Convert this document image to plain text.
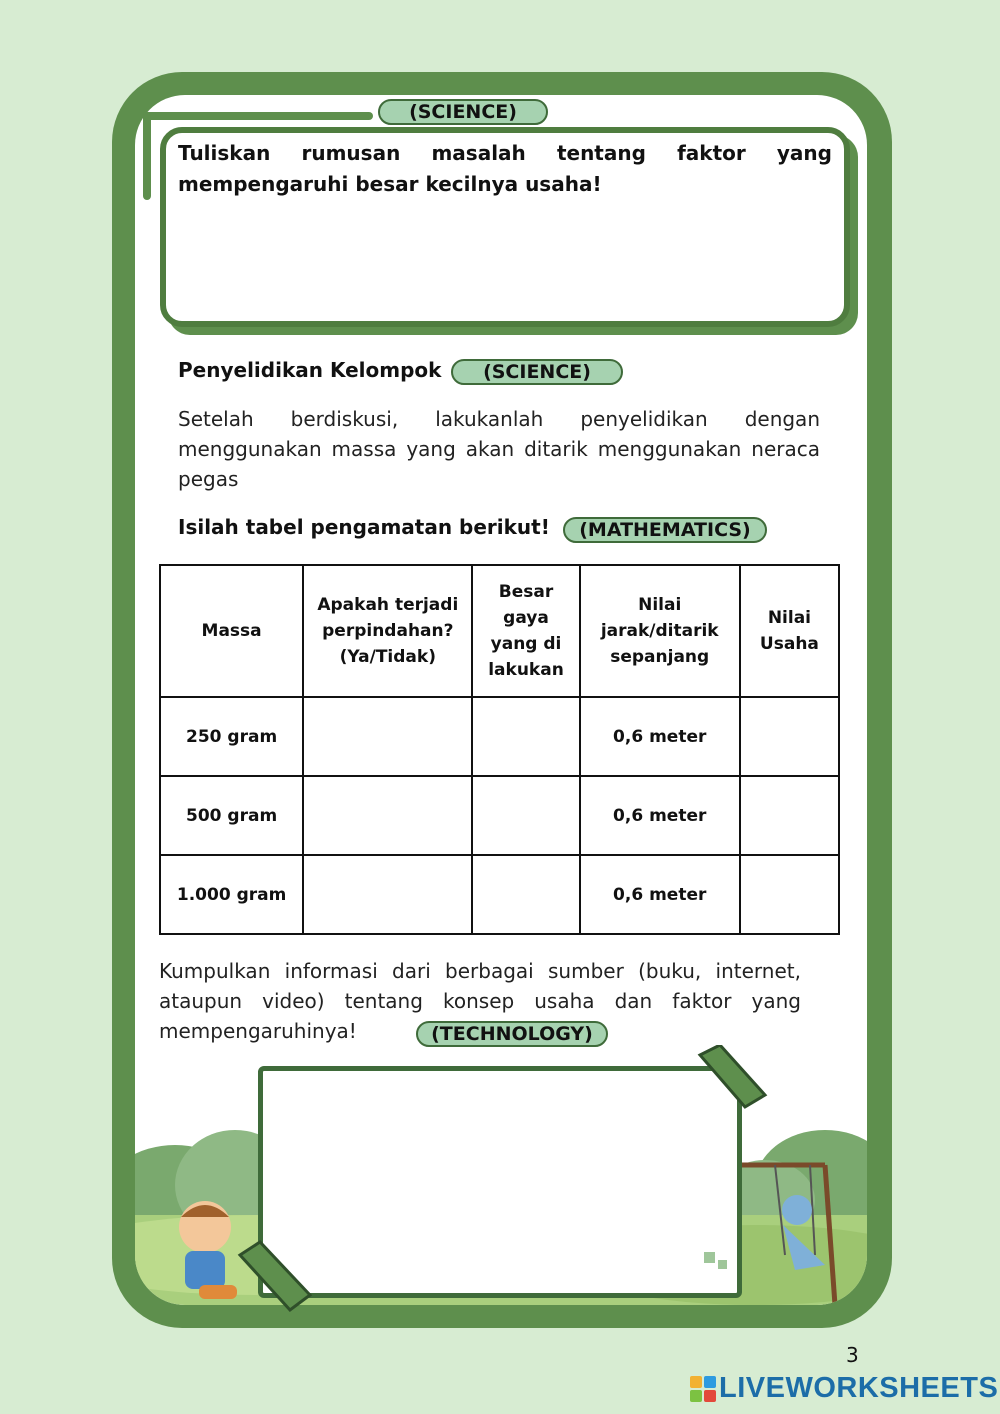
(SCIENCE)
Tuliskan rumusan masalah tentang faktor yang mempengaruhi besar kecilnya usaha!
Penyelidikan Kelompok	(SCIENCE)
Setelah berdiskusi, lakukanlah penyelidikan dengan menggunakan massa yang akan ditarik menggunakan neraca pegas
Isilah tabel pengamatan berikut!	(MATHEMATICS)
Massa	Apakah terjadi perpindahan? (Ya/Tidak)	Besar gaya yang di lakukan	Nilai jarak/ditarik sepanjang	Nilai Usaha
250 gram			0,6 meter	
500 gram			0,6 meter	
1.000 gram			0,6 meter	
Kumpulkan informasi dari berbagai sumber (buku, internet, ataupun video) tentang konsep usaha dan faktor yang mempengaruhinya!	(TECHNOLOGY)
3
LIVEWORKSHEETS
